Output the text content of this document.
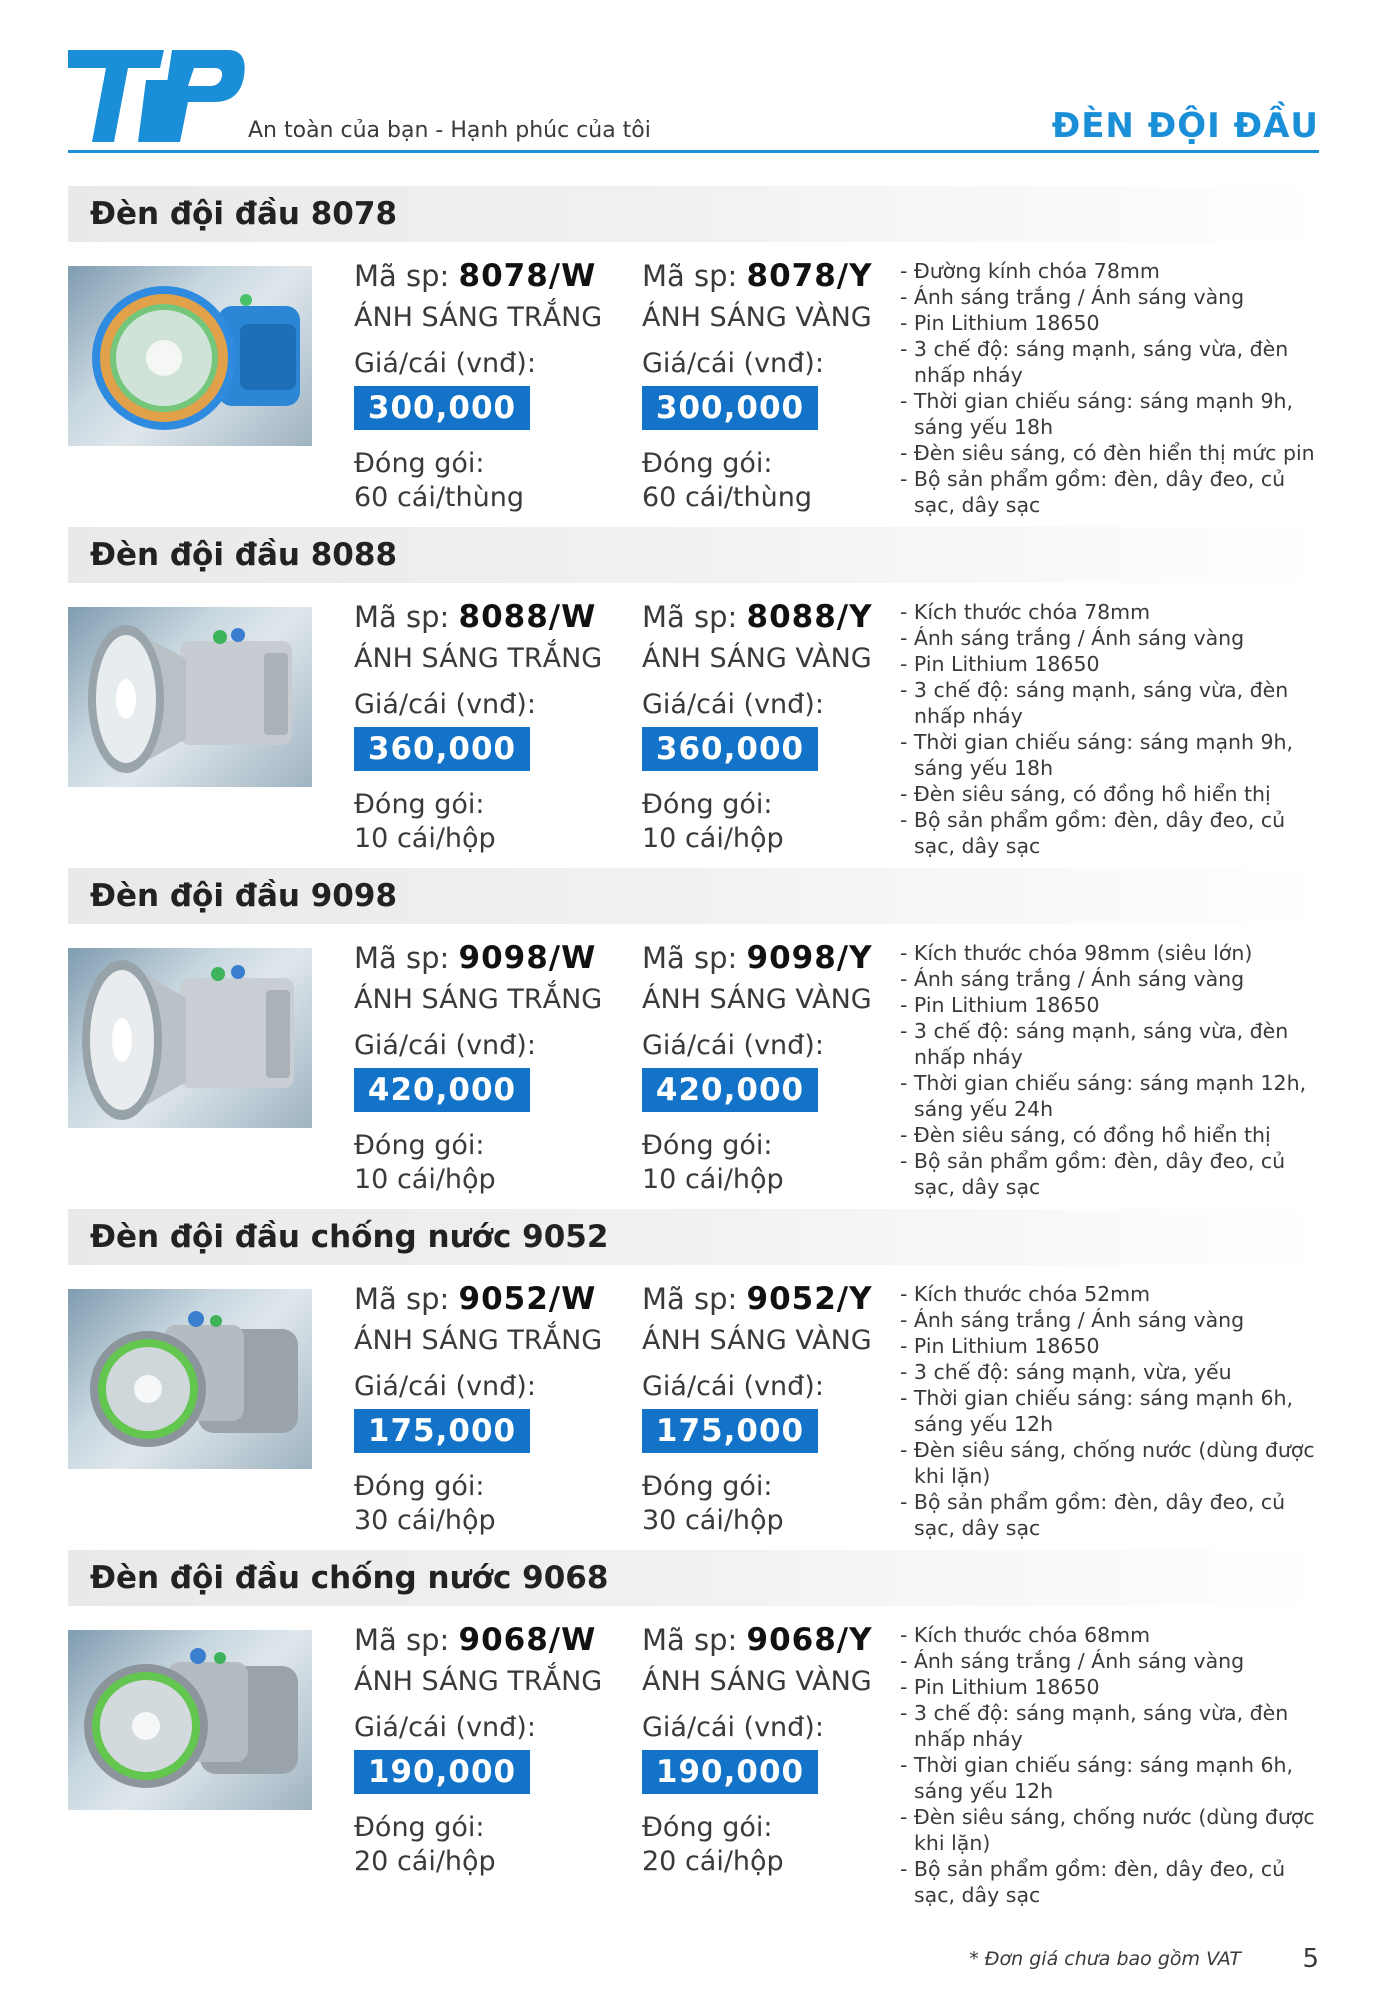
An toàn của bạn - Hạnh phúc của tôi	ĐÈN ĐỘI ĐẦU
Đèn đội đầu 8078
Mã sp: 8078/W
ÁNH SÁNG TRẮNG
Giá/cái (vnđ):
300,000
Đóng gói:
60 cái/thùng
Mã sp: 8078/Y
ÁNH SÁNG VÀNG
Giá/cái (vnđ):
300,000
Đóng gói:
60 cái/thùng
- Đường kính chóa 78mm
- Ánh sáng trắng / Ánh sáng vàng
- Pin Lithium 18650
- 3 chế độ: sáng mạnh, sáng vừa, đèn nhấp nháy
- Thời gian chiếu sáng: sáng mạnh 9h, sáng yếu 18h
- Đèn siêu sáng, có đèn hiển thị mức pin
- Bộ sản phẩm gồm: đèn, dây đeo, củ sạc, dây sạc
Đèn đội đầu 8088
Mã sp: 8088/W
ÁNH SÁNG TRẮNG
Giá/cái (vnđ):
360,000
Đóng gói:
10 cái/hộp
Mã sp: 8088/Y
ÁNH SÁNG VÀNG
Giá/cái (vnđ):
360,000
Đóng gói:
10 cái/hộp
- Kích thước chóa 78mm
- Ánh sáng trắng / Ánh sáng vàng
- Pin Lithium 18650
- 3 chế độ: sáng mạnh, sáng vừa, đèn nhấp nháy
- Thời gian chiếu sáng: sáng mạnh 9h, sáng yếu 18h
- Đèn siêu sáng, có đồng hồ hiển thị
- Bộ sản phẩm gồm: đèn, dây đeo, củ sạc, dây sạc
Đèn đội đầu 9098
Mã sp: 9098/W
ÁNH SÁNG TRẮNG
Giá/cái (vnđ):
420,000
Đóng gói:
10 cái/hộp
Mã sp: 9098/Y
ÁNH SÁNG VÀNG
Giá/cái (vnđ):
420,000
Đóng gói:
10 cái/hộp
- Kích thước chóa 98mm (siêu lớn)
- Ánh sáng trắng / Ánh sáng vàng
- Pin Lithium 18650
- 3 chế độ: sáng mạnh, sáng vừa, đèn nhấp nháy
- Thời gian chiếu sáng: sáng mạnh 12h, sáng yếu 24h
- Đèn siêu sáng, có đồng hồ hiển thị
- Bộ sản phẩm gồm: đèn, dây đeo, củ sạc, dây sạc
Đèn đội đầu chống nước 9052
Mã sp: 9052/W
ÁNH SÁNG TRẮNG
Giá/cái (vnđ):
175,000
Đóng gói:
30 cái/hộp
Mã sp: 9052/Y
ÁNH SÁNG VÀNG
Giá/cái (vnđ):
175,000
Đóng gói:
30 cái/hộp
- Kích thước chóa 52mm
- Ánh sáng trắng / Ánh sáng vàng
- Pin Lithium 18650
- 3 chế độ: sáng mạnh, vừa, yếu
- Thời gian chiếu sáng: sáng mạnh 6h, sáng yếu 12h
- Đèn siêu sáng, chống nước (dùng được khi lặn)
- Bộ sản phẩm gồm: đèn, dây đeo, củ sạc, dây sạc
Đèn đội đầu chống nước 9068
Mã sp: 9068/W
ÁNH SÁNG TRẮNG
Giá/cái (vnđ):
190,000
Đóng gói:
20 cái/hộp
Mã sp: 9068/Y
ÁNH SÁNG VÀNG
Giá/cái (vnđ):
190,000
Đóng gói:
20 cái/hộp
- Kích thước chóa 68mm
- Ánh sáng trắng / Ánh sáng vàng
- Pin Lithium 18650
- 3 chế độ: sáng mạnh, sáng vừa, đèn nhấp nháy
- Thời gian chiếu sáng: sáng mạnh 6h, sáng yếu 12h
- Đèn siêu sáng, chống nước (dùng được khi lặn)
- Bộ sản phẩm gồm: đèn, dây đeo, củ sạc, dây sạc
* Đơn giá chưa bao gồm VAT 5
